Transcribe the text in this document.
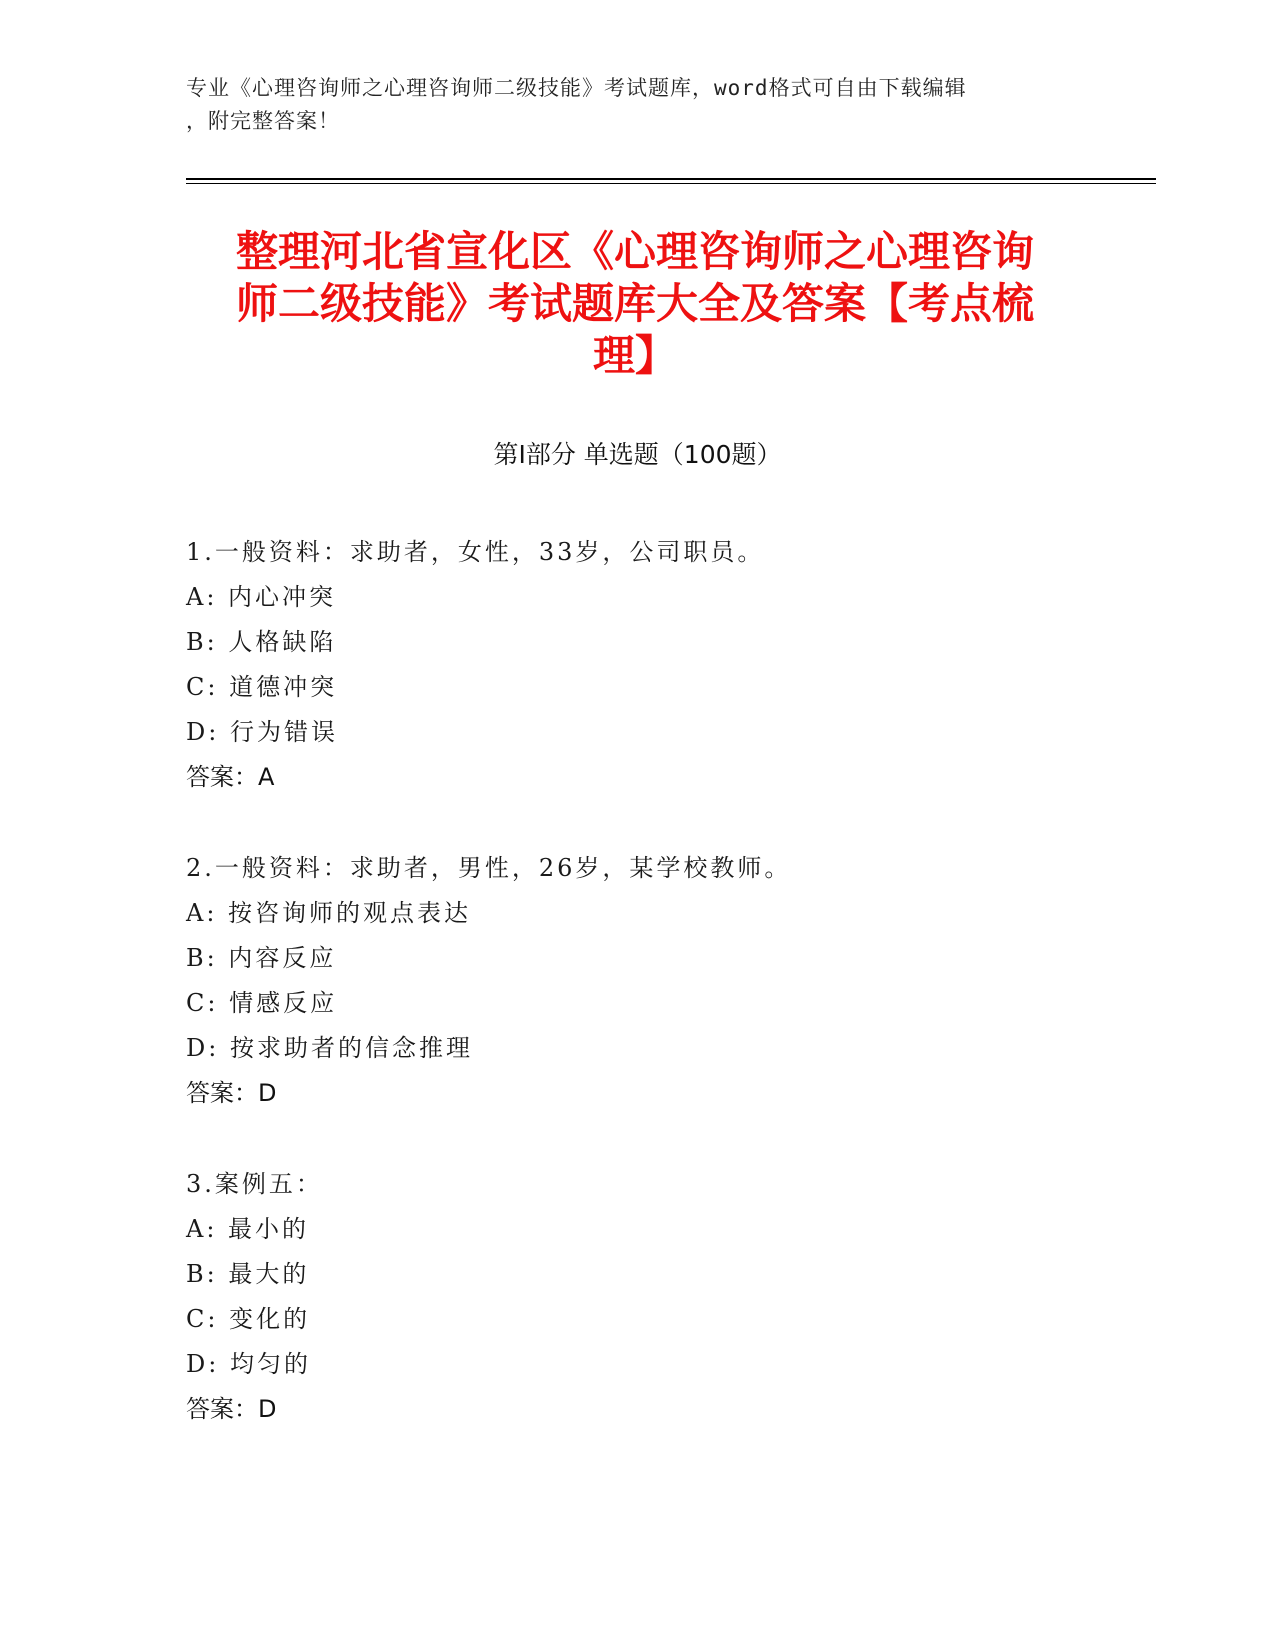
专业《心理咨询师之心理咨询师二级技能》考试题库，word格式可自由下载编辑
，附完整答案！
整理河北省宣化区《心理咨询师之心理咨询
师二级技能》考试题库大全及答案【考点梳
理】
第Ⅰ部分 单选题（100题）
1.一般资料：求助者，女性，33岁，公司职员。
A: 内心冲突
B: 人格缺陷
C: 道德冲突
D: 行为错误
答案：A
2.一般资料：求助者，男性，26岁，某学校教师。
A: 按咨询师的观点表达
B: 内容反应
C: 情感反应
D: 按求助者的信念推理
答案：D
3.案例五：
A: 最小的
B: 最大的
C: 变化的
D: 均匀的
答案：D
